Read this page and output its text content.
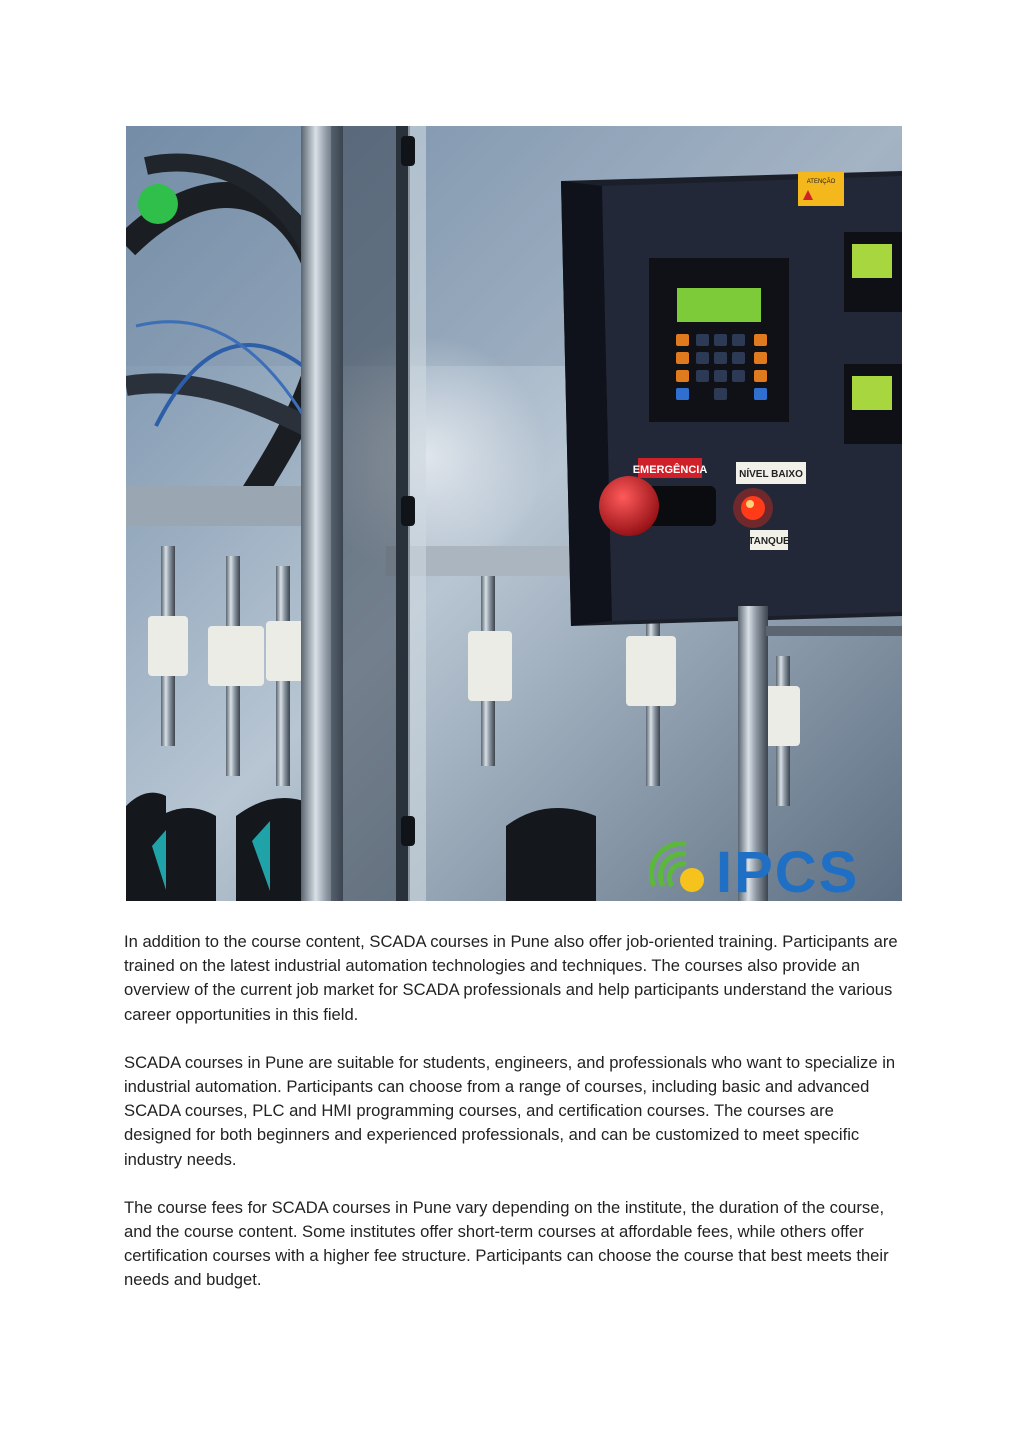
ATENÇÃO
EMERGÊNCIA	NÍVEL BAIXO
TANQUE
IPCS

In addition to the course content, SCADA courses in Pune also offer job-oriented training. Participants are trained on the latest industrial automation technologies and techniques. The courses also provide an overview of the current job market for SCADA professionals and help participants understand the various career opportunities in this field.

SCADA courses in Pune are suitable for students, engineers, and professionals who want to specialize in industrial automation. Participants can choose from a range of courses, including basic and advanced SCADA courses, PLC and HMI programming courses, and certification courses. The courses are designed for both beginners and experienced professionals, and can be customized to meet specific industry needs.

The course fees for SCADA courses in Pune vary depending on the institute, the duration of the course, and the course content. Some institutes offer short-term courses at affordable fees, while others offer certification courses with a higher fee structure. Participants can choose the course that best meets their needs and budget.
